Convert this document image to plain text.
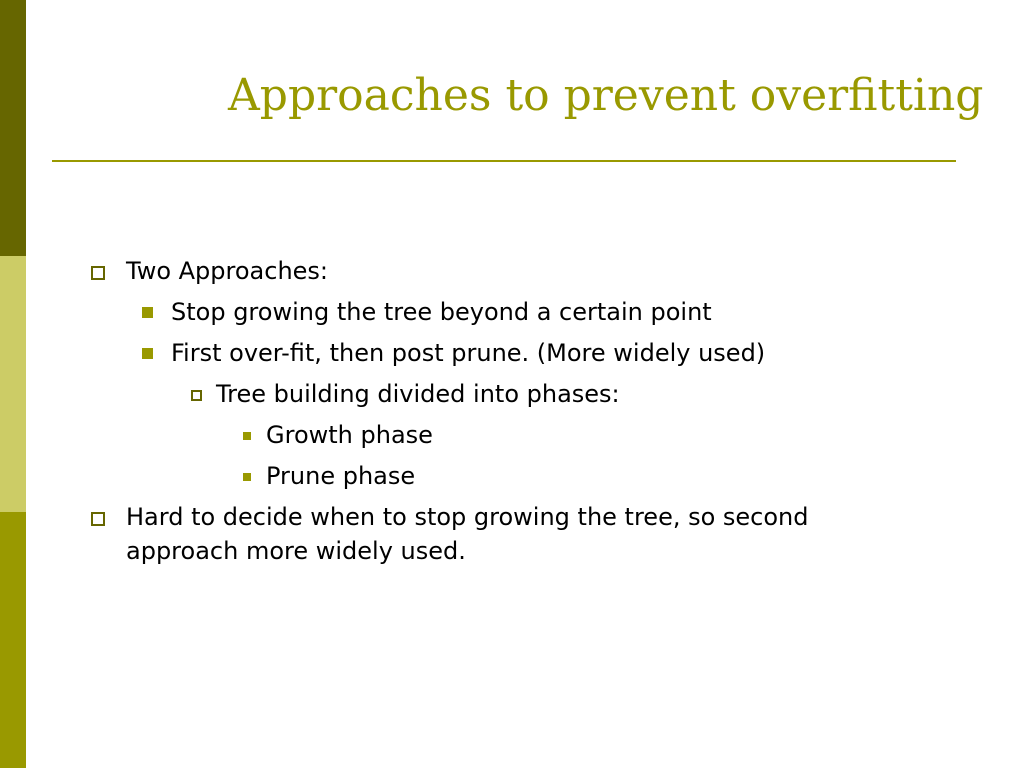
Approaches to prevent overfitting
Two Approaches:
Stop growing the tree beyond a certain point
First over-fit, then post prune. (More widely used)
Tree building divided into phases:
Growth phase
Prune phase
Hard to decide when to stop growing the tree, so second approach more widely used.
